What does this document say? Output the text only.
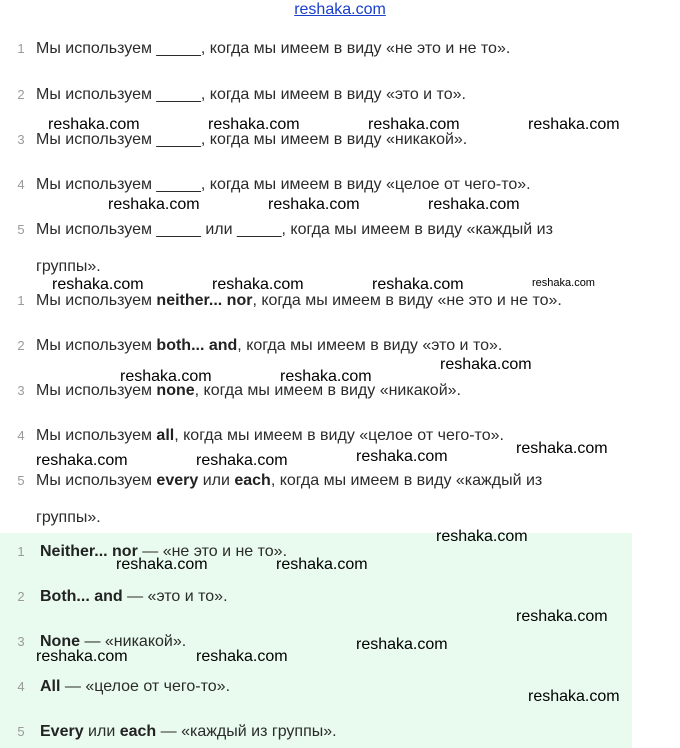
reshaka.com
1 Мы используем _____, когда мы имеем в виду «не это и не то».
2 Мы используем _____, когда мы имеем в виду «это и то».
3 Мы используем _____, когда мы имеем в виду «никакой».
4 Мы используем _____, когда мы имеем в виду «целое от чего-то».
5 Мы используем _____ или _____, когда мы имеем в виду «каждый из
группы».
1 Мы используем neither... nor, когда мы имеем в виду «не это и не то».
2 Мы используем both... and, когда мы имеем в виду «это и то».
3 Мы используем none, когда мы имеем в виду «никакой».
4 Мы используем all, когда мы имеем в виду «целое от чего-то».
5 Мы используем every или each, когда мы имеем в виду «каждый из
группы».
1 Neither... nor — «не это и не то».
2 Both... and — «это и то».
3 None — «никакой».
4 All — «целое от чего-то».
5 Every или each — «каждый из группы».
reshaka.com	reshaka.com	reshaka.com	reshaka.com
reshaka.com	reshaka.com	reshaka.com
reshaka.com	reshaka.com	reshaka.com	reshaka.com
reshaka.com
reshaka.com	reshaka.com
reshaka.com
reshaka.com
reshaka.com	reshaka.com
reshaka.com
reshaka.com	reshaka.com
reshaka.com
reshaka.com
reshaka.com	reshaka.com
reshaka.com
